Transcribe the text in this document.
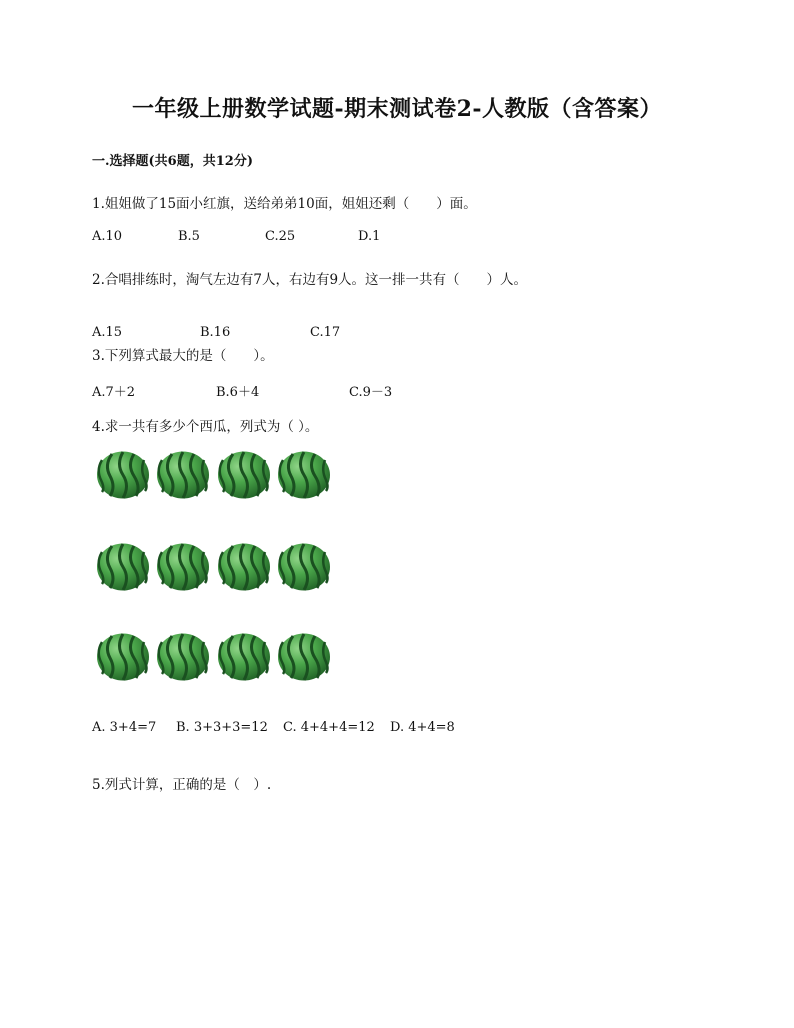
一年级上册数学试题-期末测试卷2-人教版（含答案）
一.选择题(共6题，共12分)
1.姐姐做了15面小红旗，送给弟弟10面，姐姐还剩（　　）面。
A.10	B.5	C.25	D.1
2.合唱排练时，淘气左边有7人，右边有9人。这一排一共有（　　）人。
A.15	B.16	C.17
3.下列算式最大的是（　　）。
A.7＋2	B.6＋4	C.9－3
4.求一共有多少个西瓜，列式为（ ）。
A. 3+4=7 B. 3+3+3=12 C. 4+4+4=12 D. 4+4=8
5.列式计算，正确的是（　）.
